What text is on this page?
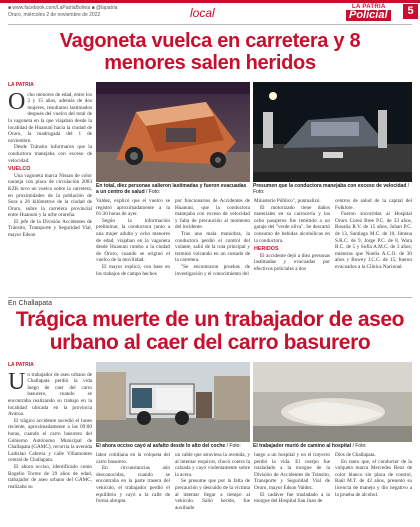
■ www.facebook.com/LaPatriaBolivia ■ @lapatria
Oruro, miércoles 2 de noviembre de 2022	local	LA PATRIA
Policial	5
Vagoneta vuelca en carretera y 8 menores salen heridos
LA PATRIA
Ocho menores de edad, entre los 3 y 15 años, además de dos mujeres, resultaron lastimados después del vuelco del total de la vagoneta en la que viajaban desde la localidad de Huanuni hacia la ciudad de Oruro, la madrugada del 1 de noviembre.
Desde Tránsito informaron que la conductora manejaba con exceso de velocidad.
VUELCO
Una vagoneta marca Nissan de color naranja con placa de circulación 2003 KZK tuvo un vuelco sobre la carretera, en proximidades de la población de Sora a 26 kilómetros de la ciudad de Oruro, sobre la carretera provincial entre Huanuni y la urbe orureña.
El jefe de la División Accidentes de Tránsito, Transporte y Seguridad Vial, mayor Edson
En total, diez personas salieron lastimadas y fueron evacuadas a un centro de salud / Foto:
Presumen que la conductora manejaba con exceso de velocidad / Foto:
Valdez, explicó que el vuelco se registró aproximadamente a la 01:30 horas de ayer.
Según la información preliminar, la conductora junto a una mujer adulta y ocho menores de edad, viajaban en la vagoneta desde Huanuni rumbo a la ciudad de Oruro, cuando se originó el vuelco de la movilidad.
El mayor explicó, con base en los trabajos de campo hechos
por funcionarios de Accidentes de Huanuni, que la conductora manejaba con exceso de velocidad y falta de precaución al momento del incidente.
Tras una mala maniobra, la conductora perdió el control del volante, salió de la ruta principal y terminó volcando en un costado de la carretera.
"Se encontraron pruebas de investigación y el conocimiento del
Ministerio Público", puntualizó.
El motorizado tiene daños materiales en su carrocería y los ocho pasajeros fue remitido a un garaje del "verde oliva". Se descartó consumo de bebidas alcohólicas en la conductora.
HERIDOS
El accidente dejó a diez personas lastimadas y evacuadas por efectivos policiales a dos
centros de salud de la capital del Folklore.
Fueron socorridas al Hospital Oruro Corea Bree P.C. de 33 años, Rosalía R.V. de 15 años, Johan P.C. de 13, Santiago M.C. de 10, Jimena S.R.C. de 9, Jorge P.C. de 8, Wara R.C. de 5 y Sofía A.M.C. de 3 años; mientras que Noelia A.C.O. de 30 años y Bowey J.C.C. de 15, fueron evacuados a la Clínica Nacional.
En Challapata
Trágica muerte de un trabajador de aseo urbano al caer del carro basurero
LA PATRIA
Un trabajador de aseo urbano de Challapata perdió la vida luego de caer del carro basurero, cuando se encontraba realizando su trabajo en la localidad ubicada en la provincia Avaroa.
El trágico accidente sucedió el lunes reciente, aproximadamente a las 09:00 horas, cuando el carro basurero del Gobierno Autónomo Municipal de Challapata (GAMC), recorría la avenida Ladislao Cabrera y calle Villamontes central de Challapata.
El ahora occiso, identificado como Rogelio Torrez de 29 años de edad, trabajador de aseo urbano del GAMC, realizaba su
El ahora occiso cayó al asfalto desde lo alto del coche / Foto:	El trabajador murió de camino al hospital / Foto:
labor cotidiana en la volqueta del carro basurero.
En circunstancias aún desconocidas, cuando se encontraba en la parte trasera del vehículo, el trabajador perdió el equilibrio y cayó a la calle de forma abrupta.
un cable que atraviesa la avenida, y al intentar esquivar, chocó contra la calzada y cayó violentamente sobre la acera.
Se presume que por la falta de precaución y descuido de la víctima al intentar llegar a tiempo al vehículo. Salió herido, fue auxiliado
luego a un hospital y en el trayecto perdió la vida. El cuerpo fue trasladado a la morgue de la División de Accidentes de Tránsito, Transporte y Seguridad Vial de Oruro, mayor Edson Valdez.
El cadáver fue trasladado a la morgue del Hospital San Juan de
Dios de Challapata.
En tanto que, el conductor de la volqueta marca Mercedes Benz de color blanco sin placa de control, Raúl M.T. de 42 años, presentó su licencia de manejo y dio negativo a la prueba de alcohol.
